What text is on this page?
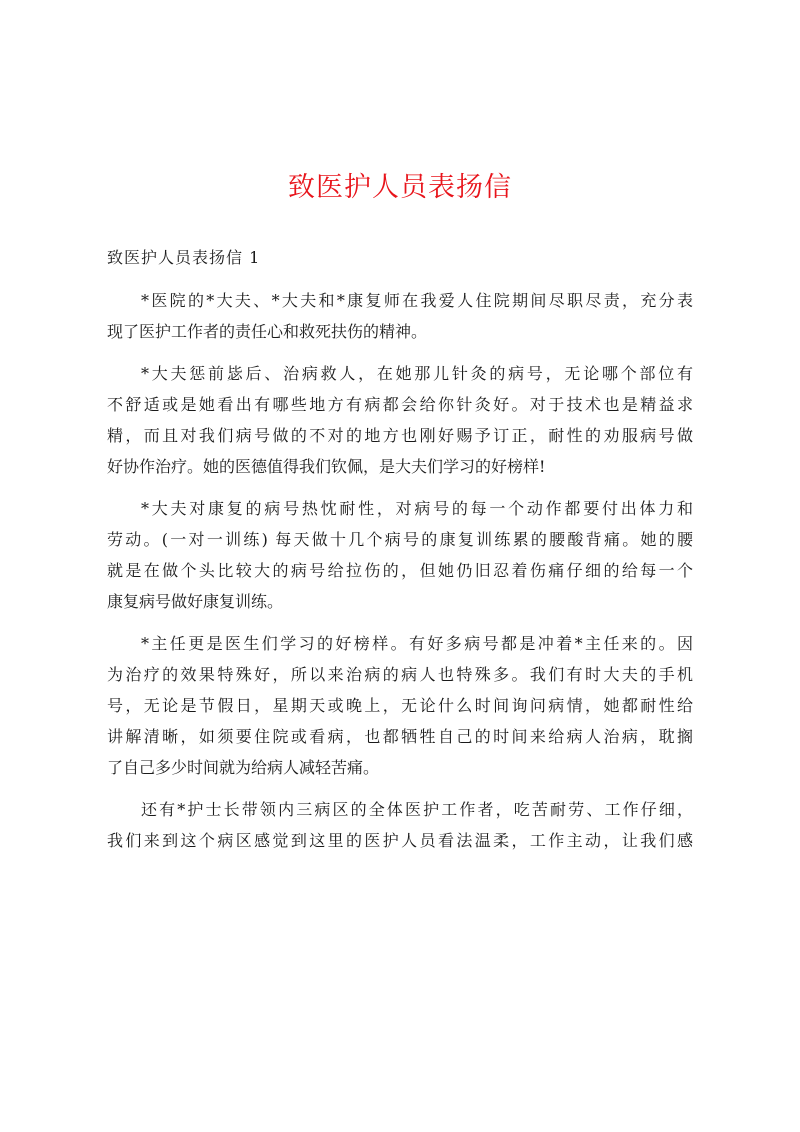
致医护人员表扬信
致医护人员表扬信 1
*医院的*大夫、*大夫和*康复师在我爱人住院期间尽职尽责，充分表
现了医护工作者的责任心和救死扶伤的精神。
*大夫惩前毖后、治病救人，在她那儿针灸的病号，无论哪个部位有
不舒适或是她看出有哪些地方有病都会给你针灸好。对于技术也是精益求
精，而且对我们病号做的不对的地方也刚好赐予订正，耐性的劝服病号做
好协作治疗。她的医德值得我们钦佩，是大夫们学习的好榜样!
*大夫对康复的病号热忱耐性，对病号的每一个动作都要付出体力和
劳动。(一对一训练) 每天做十几个病号的康复训练累的腰酸背痛。她的腰
就是在做个头比较大的病号给拉伤的，但她仍旧忍着伤痛仔细的给每一个
康复病号做好康复训练。
*主任更是医生们学习的好榜样。有好多病号都是冲着*主任来的。因
为治疗的效果特殊好，所以来治病的病人也特殊多。我们有时大夫的手机
号，无论是节假日，星期天或晚上，无论什么时间询问病情，她都耐性给
讲解清晰，如须要住院或看病，也都牺牲自己的时间来给病人治病，耽搁
了自己多少时间就为给病人减轻苦痛。
还有*护士长带领内三病区的全体医护工作者，吃苦耐劳、工作仔细，
我们来到这个病区感觉到这里的医护人员看法温柔，工作主动，让我们感
